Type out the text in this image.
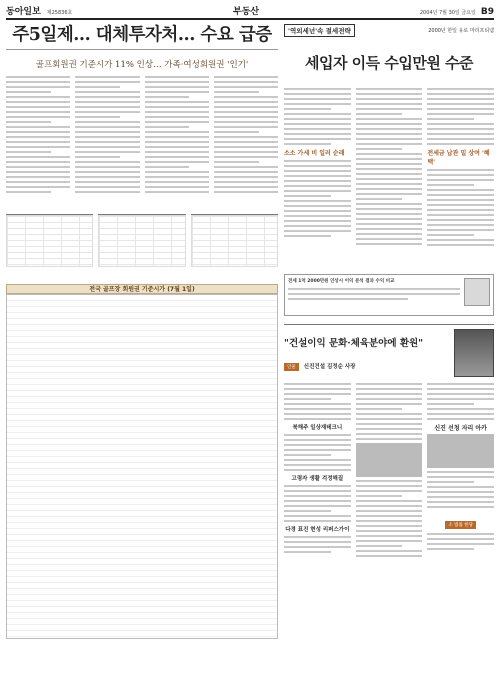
동아일보 제25836호	부동산	2004년 7월 30일 금요일 B9
주5일제… 대체투자처… 수요 급증
골프회원권 기준시가 11% 인상… 가족·여성회원권 '인기'
전국 골프장 회원권 기준시가 (7월 1일)
'역외세넌'속 절세전략	2000년 한일 유로 마리프티넴
세입자 이득 수입만원 수준
소소 가세 비 일러 순래	전세금 납관 밀 상여 '혜택'
전세 1억 2000만원 인상시 이익 분석 결과 수익 비교
"건설이익 문화·체육분야에 환원"
인물 신진건설 김정순 사장
북해주 일상재테크니
고령자 생활 걱정해질
다경 표진 현성 리퍼스가이
신진 선청 자리 아카
소 법률 한당
